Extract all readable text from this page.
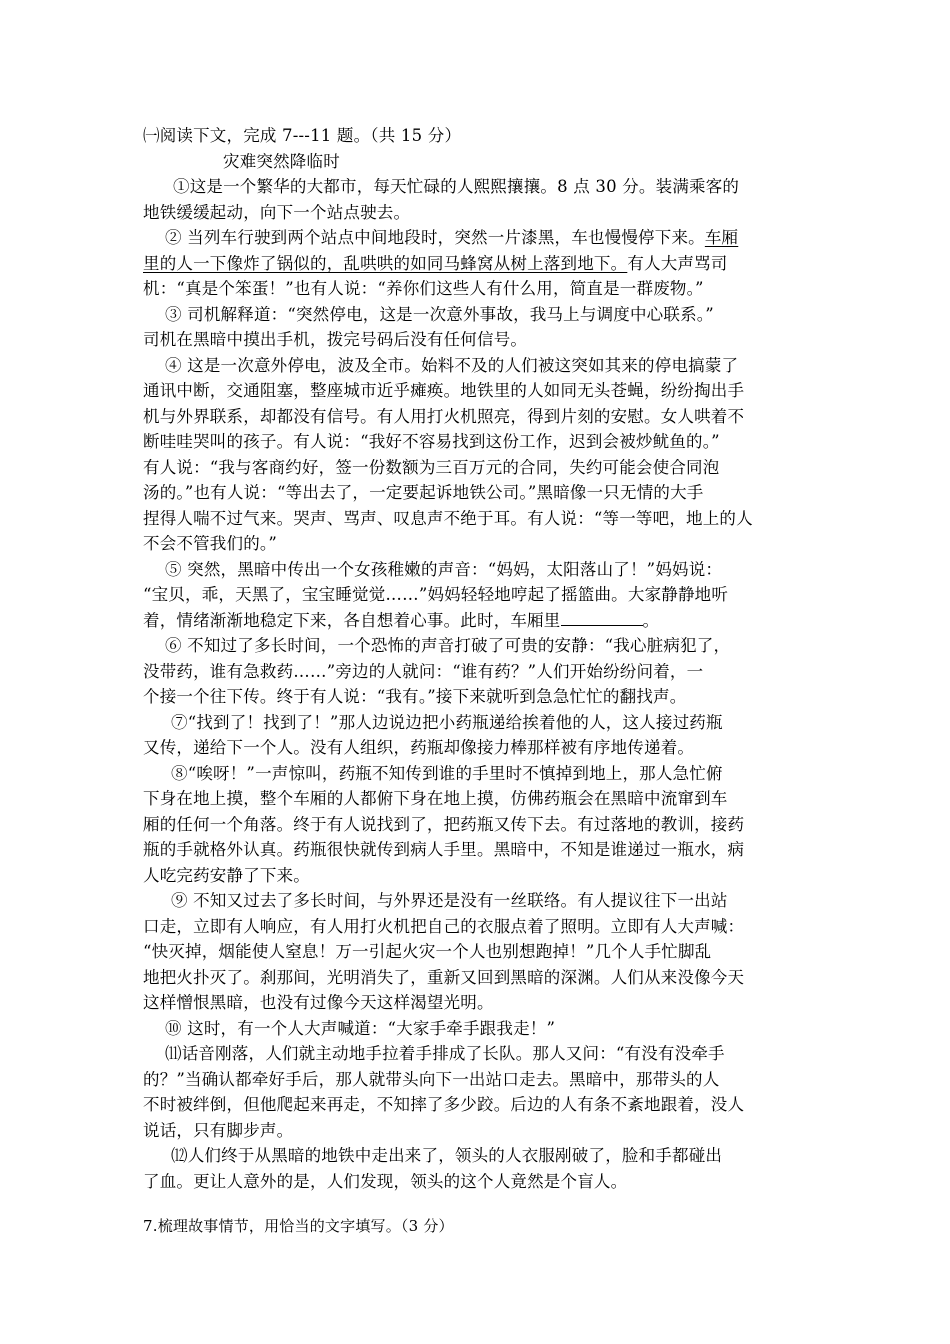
㈠阅读下文，完成 7---11 题。（共 15 分）
灾难突然降临时
①这是一个繁华的大都市，每天忙碌的人熙熙攘攘。8 点 30 分。装满乘客的
地铁缓缓起动，向下一个站点驶去。
② 当列车行驶到两个站点中间地段时，突然一片漆黑，车也慢慢停下来。车厢
里的人一下像炸了锅似的，乱哄哄的如同马蜂窝从树上落到地下。有人大声骂司
机：“真是个笨蛋！”也有人说：“养你们这些人有什么用，简直是一群废物。”
③ 司机解释道：“突然停电，这是一次意外事故，我马上与调度中心联系。”
司机在黑暗中摸出手机，拨完号码后没有任何信号。
④ 这是一次意外停电，波及全市。始料不及的人们被这突如其来的停电搞蒙了
通讯中断，交通阻塞，整座城市近乎瘫痪。地铁里的人如同无头苍蝇，纷纷掏出手
机与外界联系，却都没有信号。有人用打火机照亮，得到片刻的安慰。女人哄着不
断哇哇哭叫的孩子。有人说：“我好不容易找到这份工作，迟到会被炒鱿鱼的。”
有人说：“我与客商约好，签一份数额为三百万元的合同，失约可能会使合同泡
汤的。”也有人说：“等出去了，一定要起诉地铁公司。”黑暗像一只无情的大手
捏得人喘不过气来。哭声、骂声、叹息声不绝于耳。有人说：“等一等吧，地上的人
不会不管我们的。”
⑤ 突然，黑暗中传出一个女孩稚嫩的声音：“妈妈，太阳落山了！”妈妈说：
“宝贝，乖，天黑了，宝宝睡觉觉……”妈妈轻轻地哼起了摇篮曲。大家静静地听
着，情绪渐渐地稳定下来，各自想着心事。此时，车厢里	。
⑥ 不知过了多长时间，一个恐怖的声音打破了可贵的安静：“我心脏病犯了，
没带药，谁有急救药……”旁边的人就问：“谁有药？”人们开始纷纷问着，一
个接一个往下传。终于有人说：“我有。”接下来就听到急急忙忙的翻找声。
⑦“找到了！找到了！”那人边说边把小药瓶递给挨着他的人，这人接过药瓶
又传，递给下一个人。没有人组织，药瓶却像接力棒那样被有序地传递着。
⑧“唉呀！”一声惊叫，药瓶不知传到谁的手里时不慎掉到地上，那人急忙俯
下身在地上摸，整个车厢的人都俯下身在地上摸，仿佛药瓶会在黑暗中流窜到车
厢的任何一个角落。终于有人说找到了，把药瓶又传下去。有过落地的教训，接药
瓶的手就格外认真。药瓶很快就传到病人手里。黑暗中，不知是谁递过一瓶水，病
人吃完药安静了下来。
⑨ 不知又过去了多长时间，与外界还是没有一丝联络。有人提议往下一出站
口走，立即有人响应，有人用打火机把自己的衣服点着了照明。立即有人大声喊：
“快灭掉，烟能使人窒息！万一引起火灾一个人也别想跑掉！”几个人手忙脚乱
地把火扑灭了。刹那间，光明消失了，重新又回到黑暗的深渊。人们从来没像今天
这样憎恨黑暗，也没有过像今天这样渴望光明。
⑩ 这时，有一个人大声喊道：“大家手牵手跟我走！”
⑾话音刚落，人们就主动地手拉着手排成了长队。那人又问：“有没有没牵手
的？”当确认都牵好手后，那人就带头向下一出站口走去。黑暗中，那带头的人
不时被绊倒，但他爬起来再走，不知摔了多少跤。后边的人有条不紊地跟着，没人
说话，只有脚步声。
⑿人们终于从黑暗的地铁中走出来了，领头的人衣服剐破了，脸和手都碰出
了血。更让人意外的是，人们发现，领头的这个人竟然是个盲人。
7.梳理故事情节，用恰当的文字填写。（3 分）
